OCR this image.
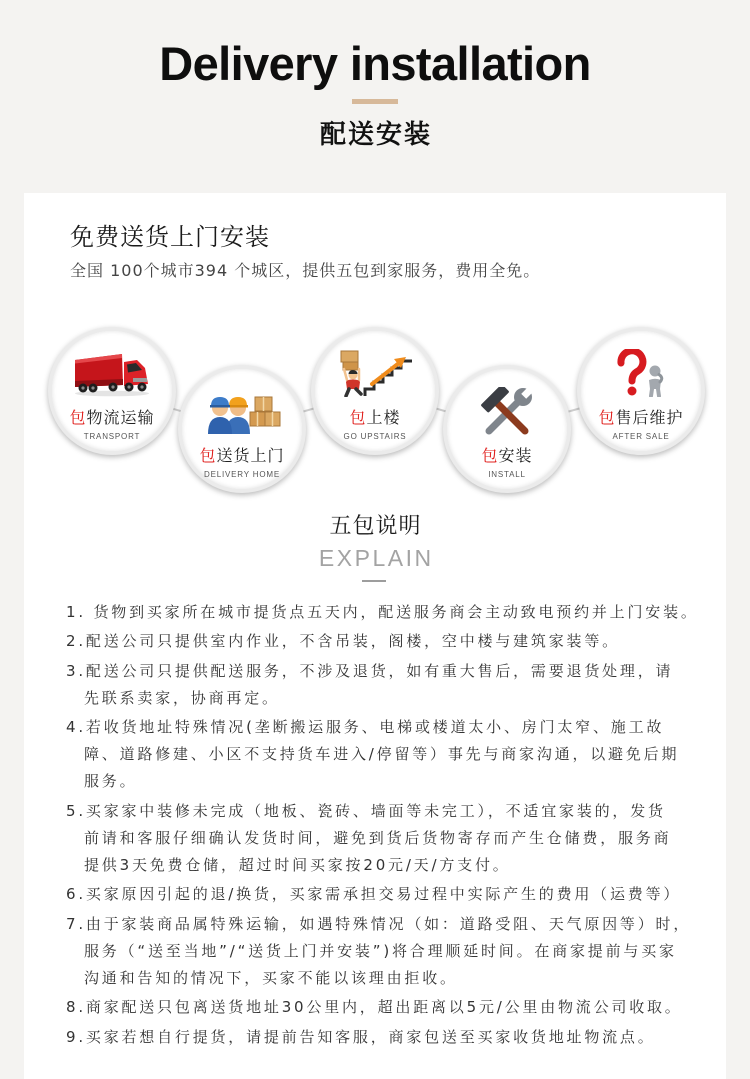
Delivery installation
配送安装
免费送货上门安装
全国 100个城市394 个城区，提供五包到家服务，费用全免。
包物流运输
TRANSPORT
包送货上门
DELIVERY HOME
包上楼
GO UPSTAIRS
包安装
INSTALL
包售后维护
AFTER SALE
五包说明
EXPLAIN
1. 货物到买家所在城市提货点五天内，配送服务商会主动致电预约并上门安装。
2.配送公司只提供室内作业，不含吊装，阁楼，空中楼与建筑家装等。
3.配送公司只提供配送服务，不涉及退货，如有重大售后，需要退货处理，请
先联系卖家，协商再定。
4.若收货地址特殊情况(垄断搬运服务、电梯或楼道太小、房门太窄、施工故
障、道路修建、小区不支持货车进入/停留等）事先与商家沟通，以避免后期
服务。
5.买家家中装修未完成（地板、瓷砖、墙面等未完工），不适宜家装的，发货
前请和客服仔细确认发货时间，避免到货后货物寄存而产生仓储费，服务商
提供3天免费仓储，超过时间买家按20元/天/方支付。
6.买家原因引起的退/换货，买家需承担交易过程中实际产生的费用（运费等）
7.由于家装商品属特殊运输，如遇特殊情况（如：道路受阻、天气原因等）时，
服务（“送至当地”/“送货上门并安装”)将合理顺延时间。在商家提前与买家
沟通和告知的情况下，买家不能以该理由拒收。
8.商家配送只包离送货地址30公里内，超出距离以5元/公里由物流公司收取。
9.买家若想自行提货，请提前告知客服，商家包送至买家收货地址物流点。
